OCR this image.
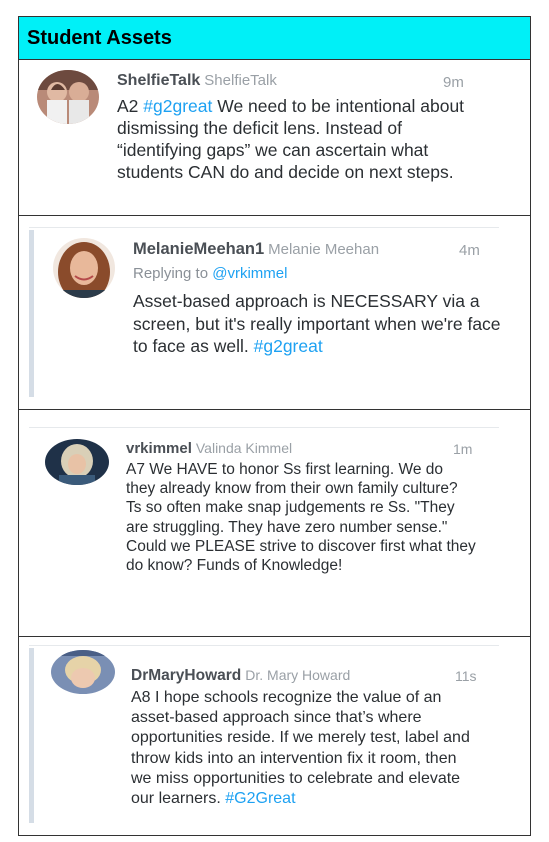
Student Assets
ShelfieTalk ShelfieTalk	9m
A2 #g2great We need to be intentional about dismissing the deficit lens. Instead of “identifying gaps” we can ascertain what students CAN do and decide on next steps.
MelanieMeehan1 Melanie Meehan	4m
Replying to @vrkimmel
Asset-based approach is NECESSARY via a screen, but it's really important when we're face to face as well. #g2great
vrkimmel Valinda Kimmel	1m
A7 We HAVE to honor Ss first learning. We do they already know from their own family culture? Ts so often make snap judgements re Ss. "They are struggling. They have zero number sense." Could we PLEASE strive to discover first what they do know? Funds of Knowledge!
DrMaryHoward Dr. Mary Howard	11s
A8 I hope schools recognize the value of an asset-based approach since that’s where opportunities reside. If we merely test, label and throw kids into an intervention fix it room, then we miss opportunities to celebrate and elevate our learners. #G2Great
